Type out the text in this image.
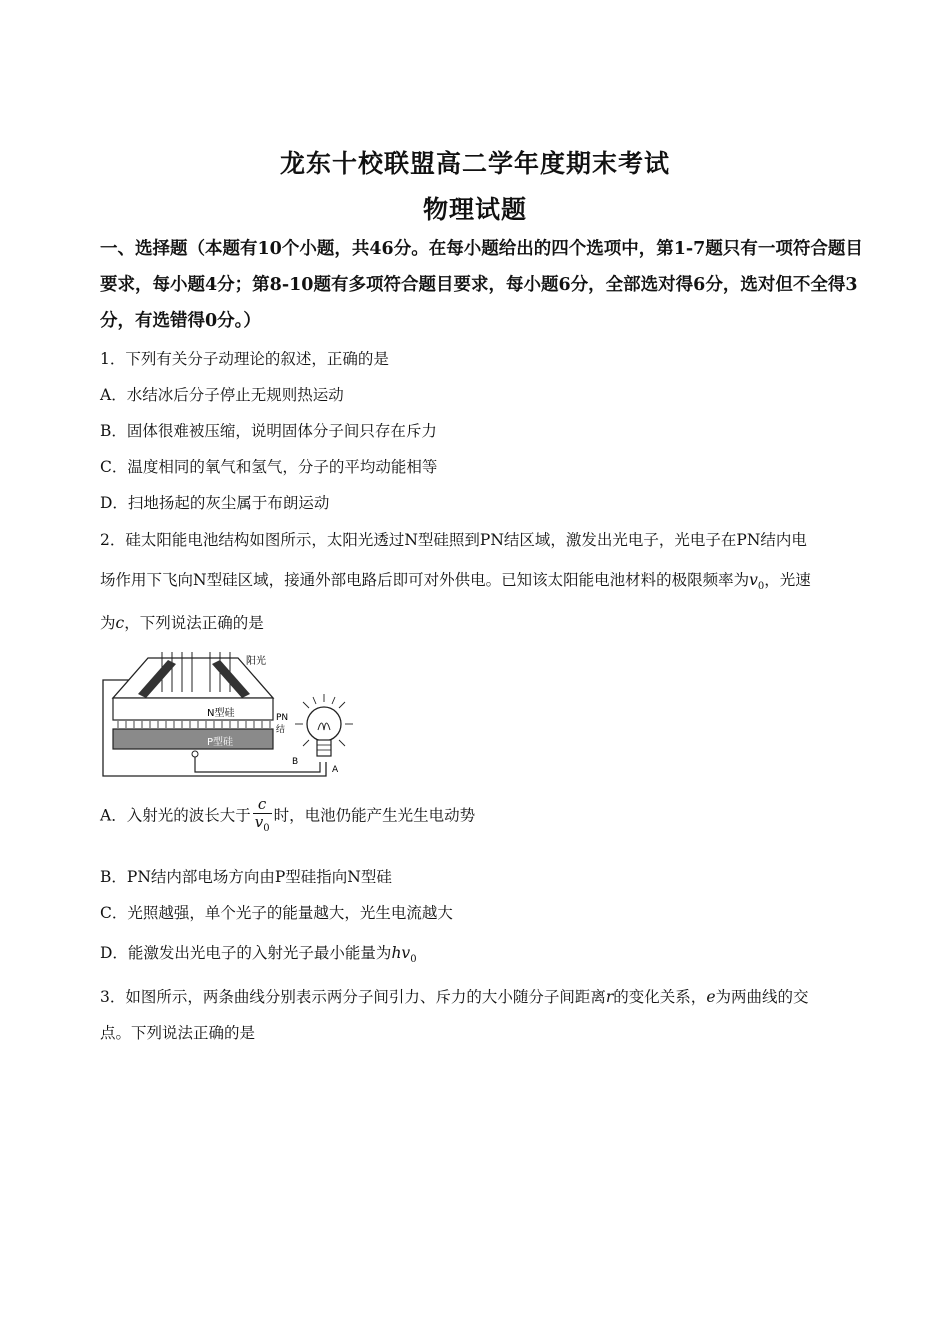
龙东十校联盟高二学年度期末考试
物理试题
一、选择题（本题有10个小题，共46分。在每小题给出的四个选项中，第1-7题只有一项符合题目要求，每小题4分；第8-10题有多项符合题目要求，每小题6分，全部选对得6分，选对但不全得3分，有选错得0分。）
1．下列有关分子动理论的叙述，正确的是
A．水结冰后分子停止无规则热运动
B．固体很难被压缩，说明固体分子间只存在斥力
C．温度相同的氧气和氢气，分子的平均动能相等
D．扫地扬起的灰尘属于布朗运动
2．硅太阳能电池结构如图所示，太阳光透过N型硅照到PN结区域，激发出光电子，光电子在PN结内电
场作用下飞向N型硅区域，接通外部电路后即可对外供电。已知该太阳能电池材料的极限频率为$v_0$，光速
为c，下列说法正确的是
阳光
N型硅
P型硅
PN
结
B
A
A．入射光的波长大于 $\frac{c}{v_0}$ 时，电池仍能产生光生电动势
B．PN结内部电场方向由P型硅指向N型硅
C．光照越强，单个光子的能量越大，光生电流越大
D．能激发出光电子的入射光子最小能量为$hv_0$
3．如图所示，两条曲线分别表示两分子间引力、斥力的大小随分子间距离r的变化关系，e为两曲线的交
点。下列说法正确的是
